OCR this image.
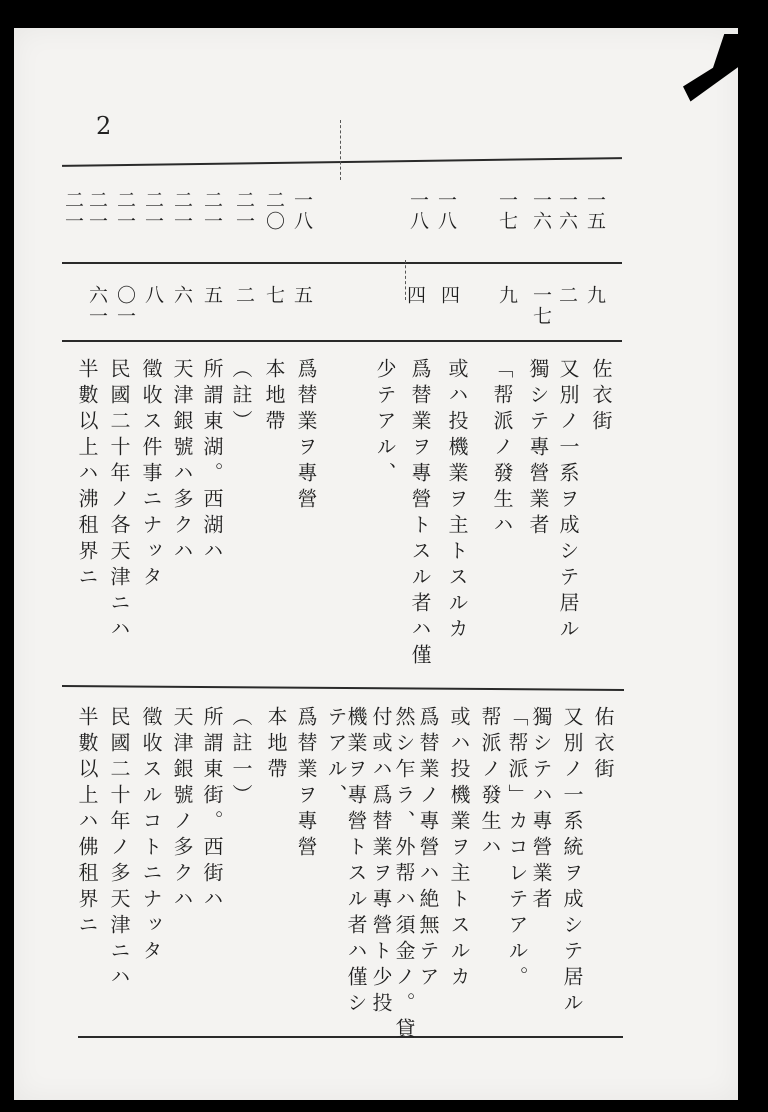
2
一五
一六
一六
一七
一八
一八
一八
二〇
二一
二一
二一
二一
二一
二一
二一
九
二
一七
九
四
四
五
七
二
五
六
八
〇一
六一
佐衣街
又別ノ一系ヲ成シテ居ル
獨シテ專營業者
「帮派ノ發生ハ
或ハ投機業ヲ主トスルカ
爲替業ヲ專營トスル者ハ僅
少テアル、
爲替業ヲ專營
本地帶
（註）
所謂東湖。西湖ハ
天津銀號ハ多クハ
徵收ス件事ニナッタ
民國二十年ノ各天津ニハ
半數以上ハ沸租界ニ
佑衣街
又別ノ一系統ヲ成シテ居ル
獨シテハ專營業者
「帮派」カコレテアル。
帮派ノ發生ハ
或ハ投機業ヲ主トスルカ
爲替業ノ專營ハ絶無テア
然シ乍ラ、外帮ハ須金ノ。貸
付或ハ爲替業ヲ專營ト少投
機業ヲ專營トスル者ハ僅シ
テアル、
爲替業ヲ專營
本地帶
（註一）
所謂東街。西街ハ
天津銀號ノ多クハ
徵收スルコトニナッタ
民國二十年ノ多天津ニハ
半數以上ハ佛租界ニ
